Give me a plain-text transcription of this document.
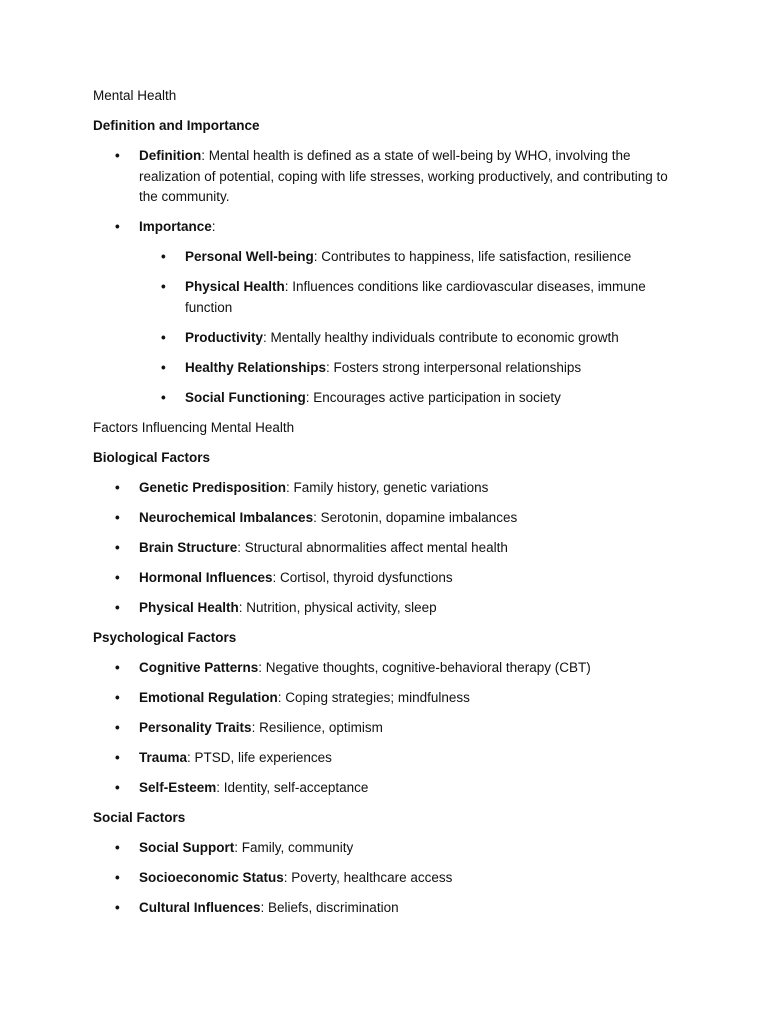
Mental Health

Definition and Importance

• Definition: Mental health is defined as a state of well-being by WHO, involving the realization of potential, coping with life stresses, working productively, and contributing to the community.
• Importance:
• Personal Well-being: Contributes to happiness, life satisfaction, resilience
• Physical Health: Influences conditions like cardiovascular diseases, immune function
• Productivity: Mentally healthy individuals contribute to economic growth
• Healthy Relationships: Fosters strong interpersonal relationships
• Social Functioning: Encourages active participation in society

Factors Influencing Mental Health

Biological Factors

• Genetic Predisposition: Family history, genetic variations
• Neurochemical Imbalances: Serotonin, dopamine imbalances
• Brain Structure: Structural abnormalities affect mental health
• Hormonal Influences: Cortisol, thyroid dysfunctions
• Physical Health: Nutrition, physical activity, sleep

Psychological Factors

• Cognitive Patterns: Negative thoughts, cognitive-behavioral therapy (CBT)
• Emotional Regulation: Coping strategies; mindfulness
• Personality Traits: Resilience, optimism
• Trauma: PTSD, life experiences
• Self-Esteem: Identity, self-acceptance

Social Factors

• Social Support: Family, community
• Socioeconomic Status: Poverty, healthcare access
• Cultural Influences: Beliefs, discrimination
